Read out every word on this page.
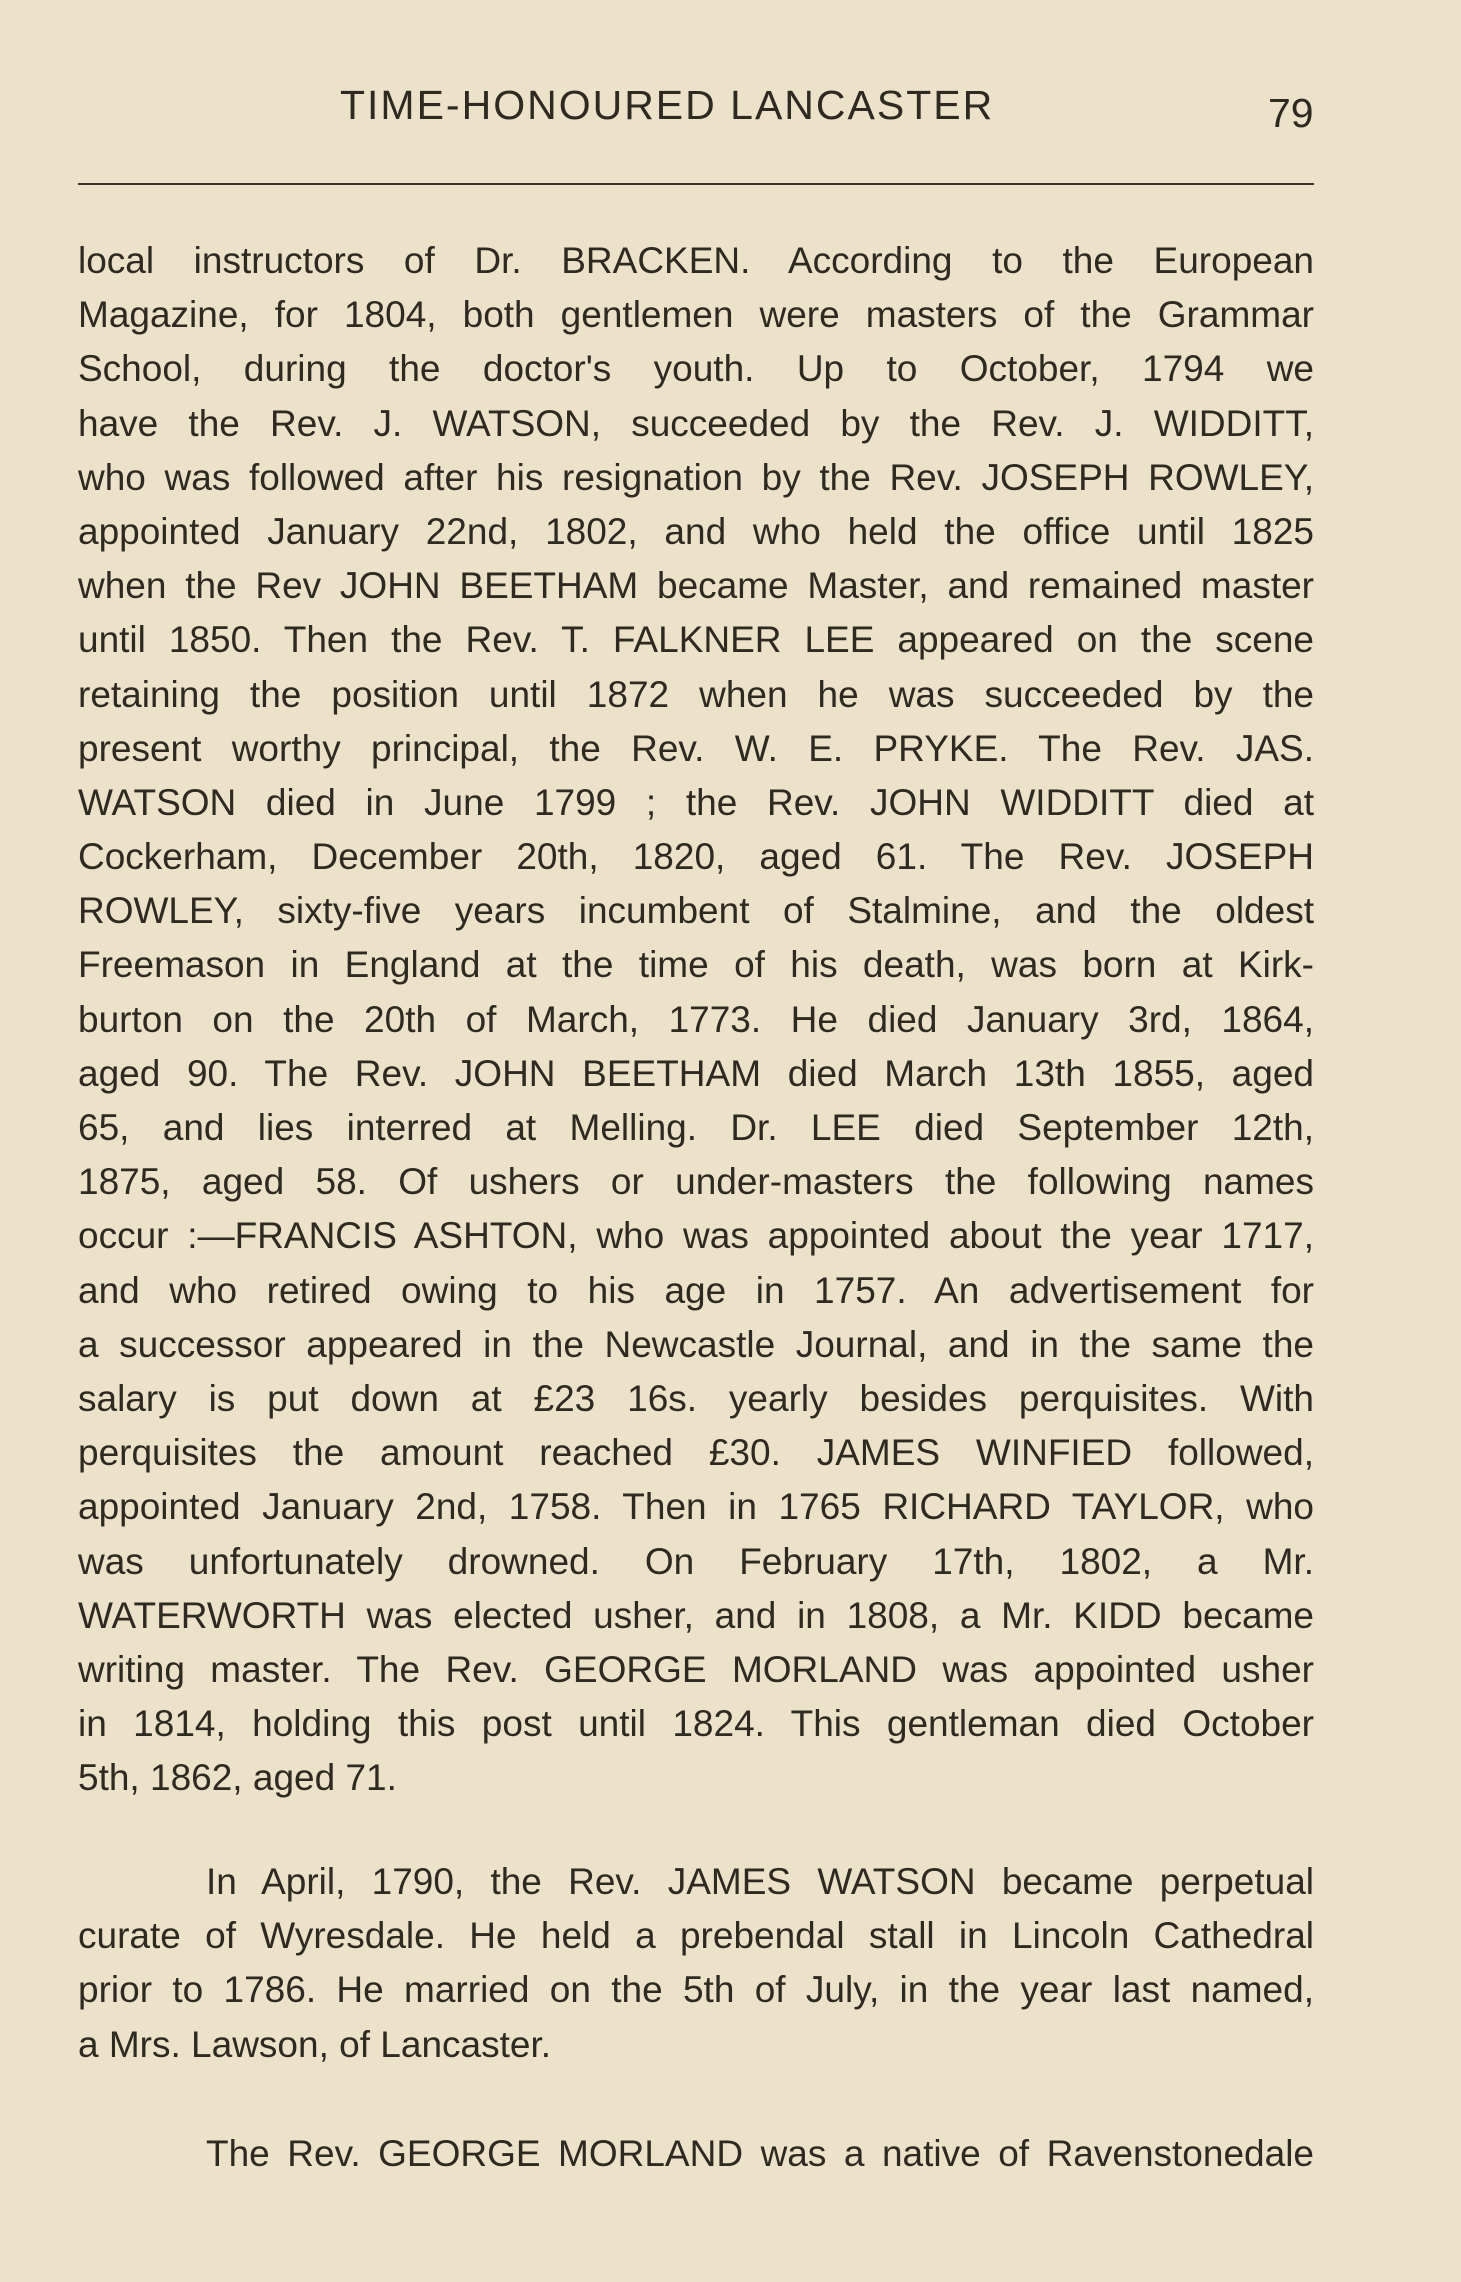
TIME-HONOURED LANCASTER	79
local instructors of Dr. BRACKEN. According to the European
Magazine, for 1804, both gentlemen were masters of the Grammar
School, during the doctor's youth. Up to October, 1794 we
have the Rev. J. WATSON, succeeded by the Rev. J. WIDDITT,
who was followed after his resignation by the Rev. JOSEPH ROWLEY,
appointed January 22nd, 1802, and who held the office until 1825
when the Rev JOHN BEETHAM became Master, and remained master
until 1850. Then the Rev. T. FALKNER LEE appeared on the scene
retaining the position until 1872 when he was succeeded by the
present worthy principal, the Rev. W. E. PRYKE. The Rev. JAS.
WATSON died in June 1799 ; the Rev. JOHN WIDDITT died at
Cockerham, December 20th, 1820, aged 61. The Rev. JOSEPH
ROWLEY, sixty-five years incumbent of Stalmine, and the oldest
Freemason in England at the time of his death, was born at Kirk-
burton on the 20th of March, 1773. He died January 3rd, 1864,
aged 90. The Rev. JOHN BEETHAM died March 13th 1855, aged
65, and lies interred at Melling. Dr. LEE died September 12th,
1875, aged 58. Of ushers or under-masters the following names
occur :—FRANCIS ASHTON, who was appointed about the year 1717,
and who retired owing to his age in 1757. An advertisement for
a successor appeared in the Newcastle Journal, and in the same the
salary is put down at £23 16s. yearly besides perquisites. With
perquisites the amount reached £30. JAMES WINFIED followed,
appointed January 2nd, 1758. Then in 1765 RICHARD TAYLOR, who
was unfortunately drowned. On February 17th, 1802, a Mr.
WATERWORTH was elected usher, and in 1808, a Mr. KIDD became
writing master. The Rev. GEORGE MORLAND was appointed usher
in 1814, holding this post until 1824. This gentleman died October
5th, 1862, aged 71.
In April, 1790, the Rev. JAMES WATSON became perpetual
curate of Wyresdale. He held a prebendal stall in Lincoln Cathedral
prior to 1786. He married on the 5th of July, in the year last named,
a Mrs. Lawson, of Lancaster.
The Rev. GEORGE MORLAND was a native of Ravenstonedale
